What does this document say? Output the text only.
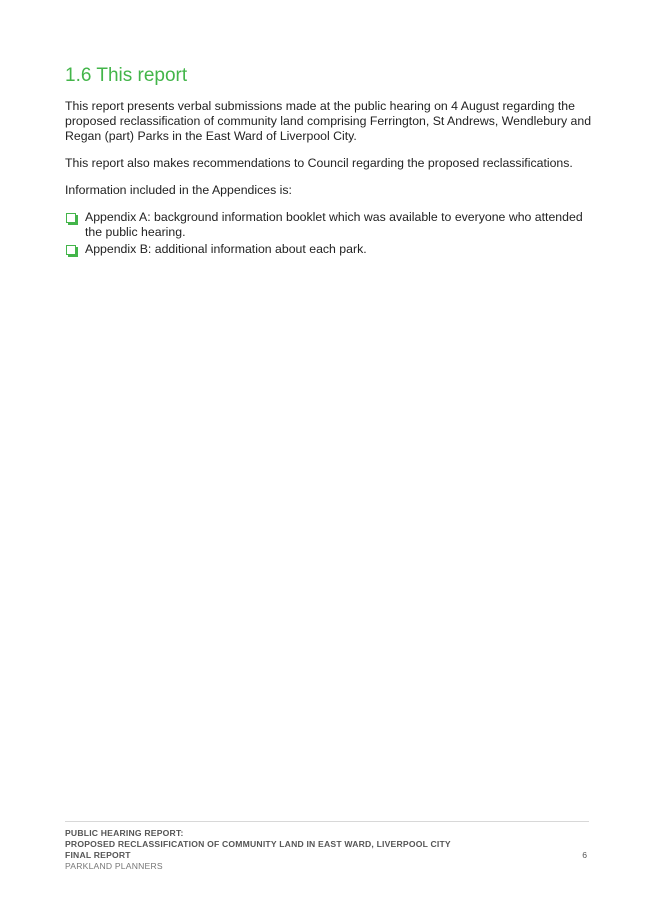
1.6 This report

This report presents verbal submissions made at the public hearing on 4 August regarding the proposed reclassification of community land comprising Ferrington, St Andrews, Wendlebury and Regan (part) Parks in the East Ward of Liverpool City.

This report also makes recommendations to Council regarding the proposed reclassifications.

Information included in the Appendices is:

Appendix A: background information booklet which was available to everyone who attended the public hearing.
Appendix B: additional information about each park.
PUBLIC HEARING REPORT:
PROPOSED RECLASSIFICATION OF COMMUNITY LAND IN EAST WARD, LIVERPOOL CITY
FINAL REPORT
PARKLAND PLANNERS
6
